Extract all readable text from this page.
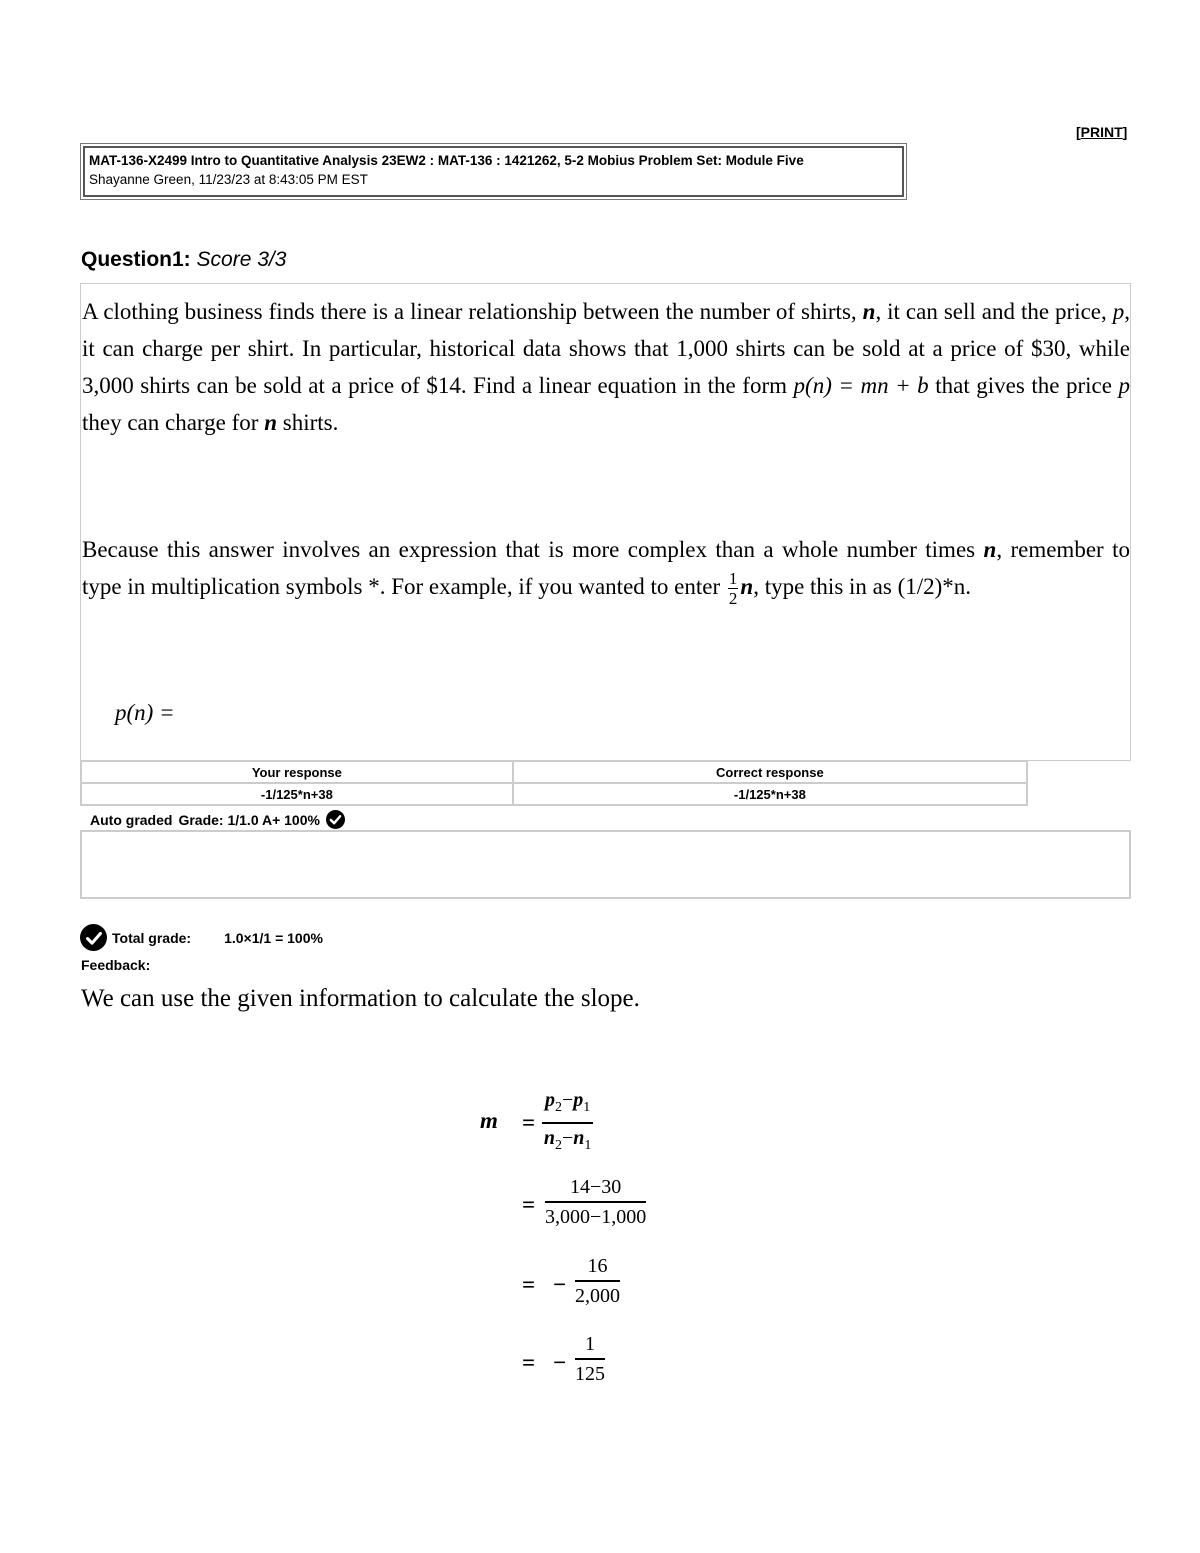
[PRINT]
MAT-136-X2499 Intro to Quantitative Analysis 23EW2 : MAT-136 : 1421262, 5-2 Mobius Problem Set: Module Five
Shayanne Green, 11/23/23 at 8:43:05 PM EST
Question1: Score 3/3
A clothing business finds there is a linear relationship between the number of shirts, n, it can sell and the price, p, it can charge per shirt. In particular, historical data shows that 1,000 shirts can be sold at a price of $30, while 3,000 shirts can be sold at a price of $14. Find a linear equation in the form p(n) = mn + b that gives the price p they can charge for n shirts.
Because this answer involves an expression that is more complex than a whole number times n, remember to type in multiplication symbols *. For example, if you wanted to enter $\frac{1}{2} n$, type this in as (1/2)*n.
p(n) =
Your response	Correct response
-1/125*n+38	-1/125*n+38
Auto graded Grade: 1/1.0 A+ 100%
Total grade: 1.0×1/1 = 100%
Feedback:
We can use the given information to calculate the slope.
$m = \frac{p_2-p_1}{n_2-n_1}$
= $\frac{14-30}{3,000-1,000}$
= − $\frac{16}{2,000}$
= − $\frac{1}{125}$
